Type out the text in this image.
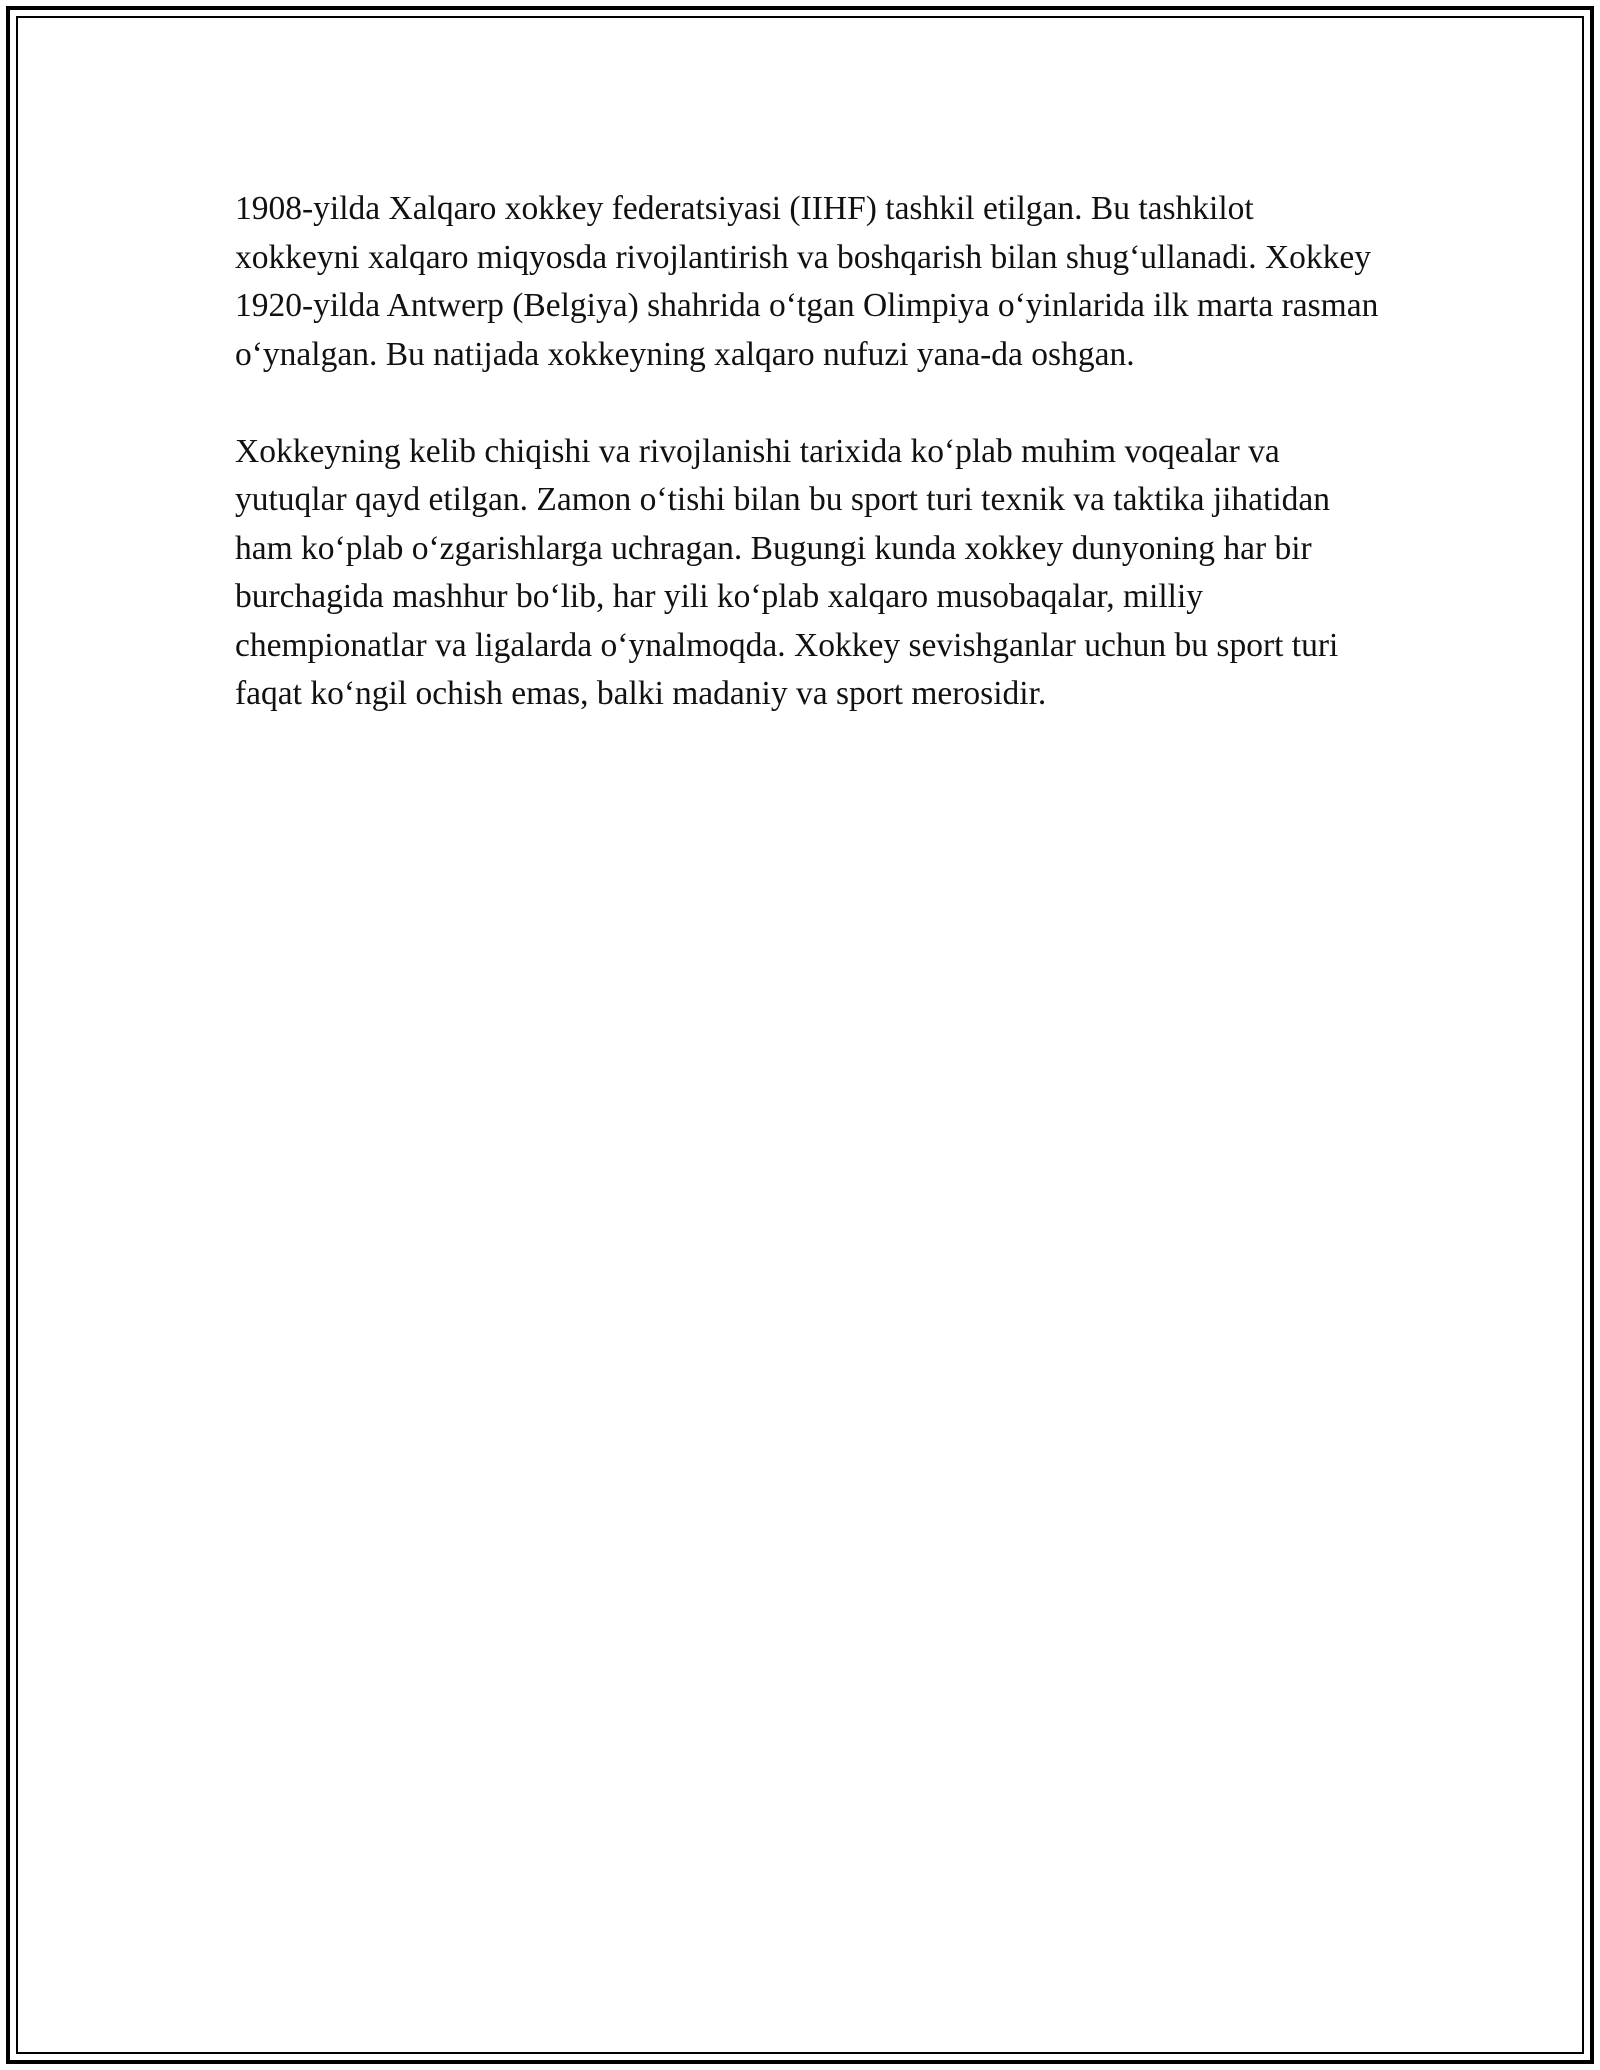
1908-yilda Xalqaro xokkey federatsiyasi (IIHF) tashkil etilgan. Bu tashkilot xokkeyni xalqaro miqyosda rivojlantirish va boshqarish bilan shug‘ullanadi. Xokkey 1920-yilda Antwerp (Belgiya) shahrida o‘tgan Olimpiya o‘yinlarida ilk marta rasman o‘ynalgan. Bu natijada xokkeyning xalqaro nufuzi yana-da oshgan.

Xokkeyning kelib chiqishi va rivojlanishi tarixida ko‘plab muhim voqealar va yutuqlar qayd etilgan. Zamon o‘tishi bilan bu sport turi texnik va taktika jihatidan ham ko‘plab o‘zgarishlarga uchragan. Bugungi kunda xokkey dunyoning har bir burchagida mashhur bo‘lib, har yili ko‘plab xalqaro musobaqalar, milliy chempionatlar va ligalarda o‘ynalmoqda. Xokkey sevishganlar uchun bu sport turi faqat ko‘ngil ochish emas, balki madaniy va sport merosidir.
